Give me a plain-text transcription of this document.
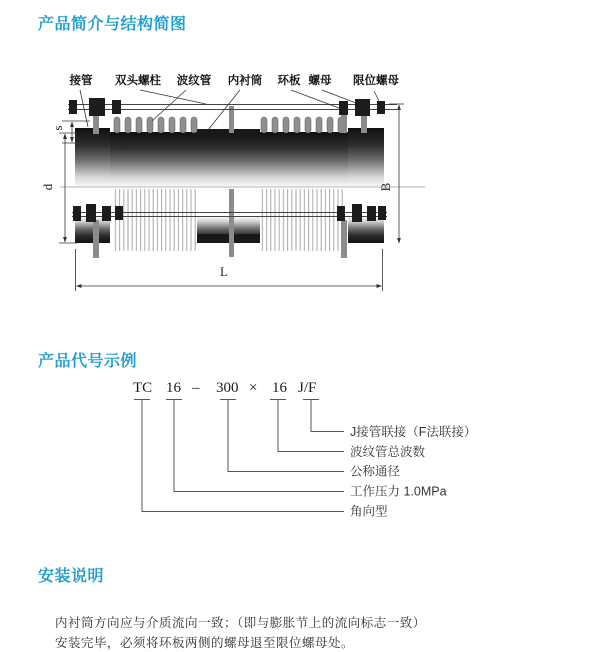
产品简介与结构简图
s
d	B
L
接管 双头螺柱 波纹管 内衬筒 环板 螺母 限位螺母
J接管联接（F法联接）
波纹管总波数
公称通径
工作压力 1.0MPa
角向型
产品代号示例
TC 16 – 300 × 16 J/F
安装说明

内衬筒方向应与介质流向一致；（即与膨胀节上的流向标志一致）

安装完毕，必须将环板两侧的螺母退至限位螺母处。
